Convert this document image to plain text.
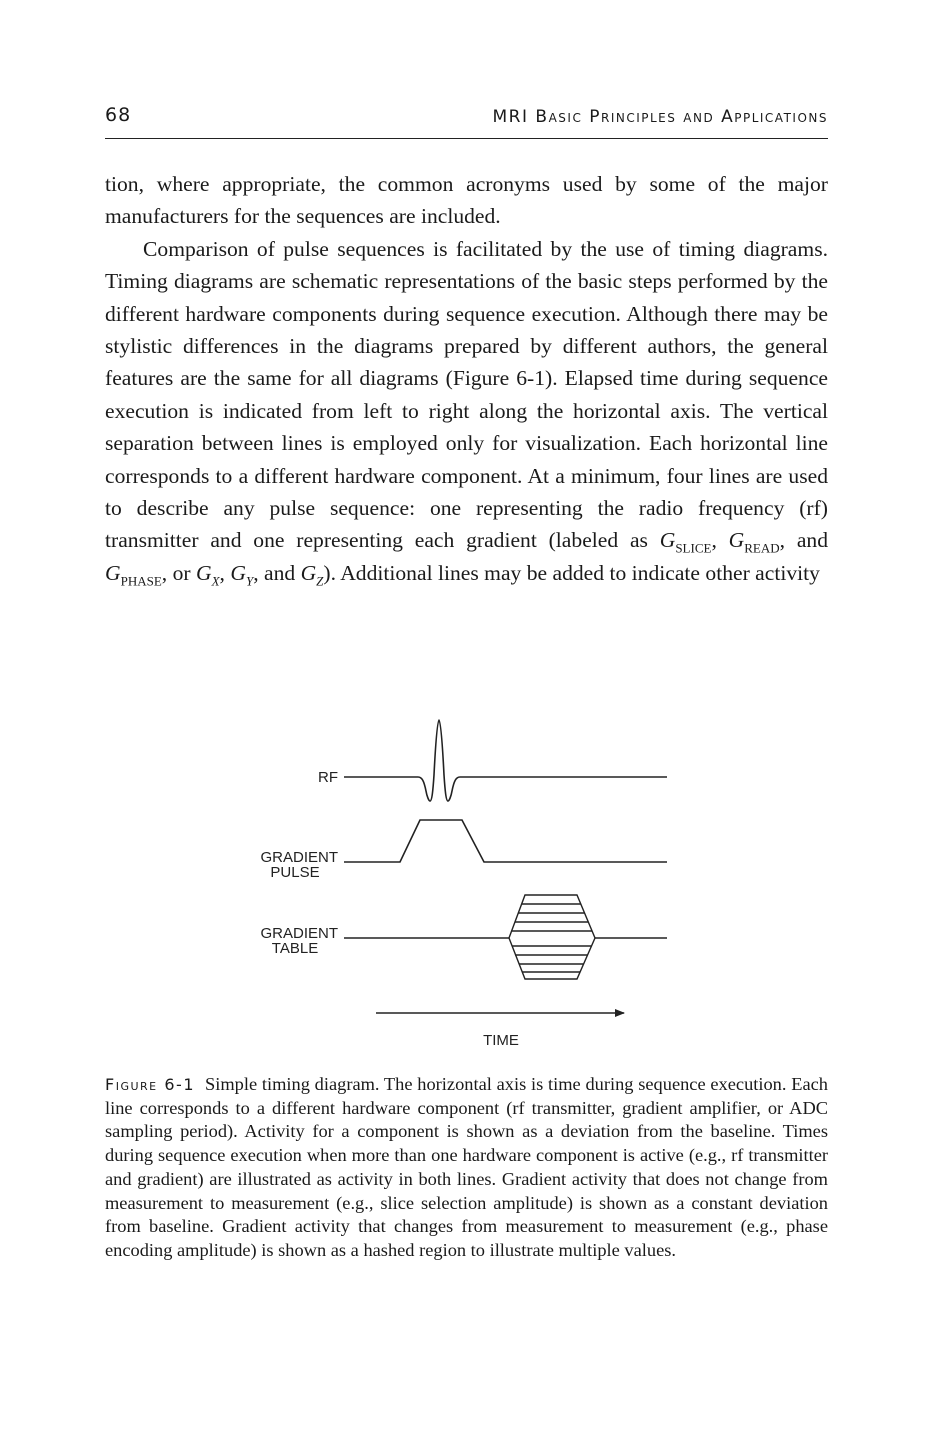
68	MRI Basic Principles and Applications

tion, where appropriate, the common acronyms used by some of the major manufacturers for the sequences are included.

Comparison of pulse sequences is facilitated by the use of timing diagrams. Timing diagrams are schematic representations of the basic steps performed by the different hardware components during sequence execution. Although there may be stylistic differences in the diagrams prepared by different authors, the general features are the same for all diagrams (Figure 6-1). Elapsed time during sequence execution is indicated from left to right along the horizontal axis. The vertical separation between lines is employed only for visualization. Each horizontal line corresponds to a different hardware component. At a minimum, four lines are used to describe any pulse sequence: one representing the radio frequency (rf) transmitter and one representing each gradient (labeled as $G_{SLICE}$, $G_{READ}$, and $G_{PHASE}$, or $G_X$, $G_Y$, and $G_Z$). Additional lines may be added to indicate other activity

RF
GRADIENT
PULSE
GRADIENT
TABLE
TIME
Figure 6-1 Simple timing diagram. The horizontal axis is time during sequence execution. Each line corresponds to a different hardware component (rf transmitter, gradient amplifier, or ADC sampling period). Activity for a component is shown as a deviation from the baseline. Times during sequence execution when more than one hardware component is active (e.g., rf transmitter and gradient) are illustrated as activity in both lines. Gradient activity that does not change from measurement to measurement (e.g., slice selection amplitude) is shown as a constant deviation from baseline. Gradient activity that changes from measurement to measurement (e.g., phase encoding amplitude) is shown as a hashed region to illustrate multiple values.
